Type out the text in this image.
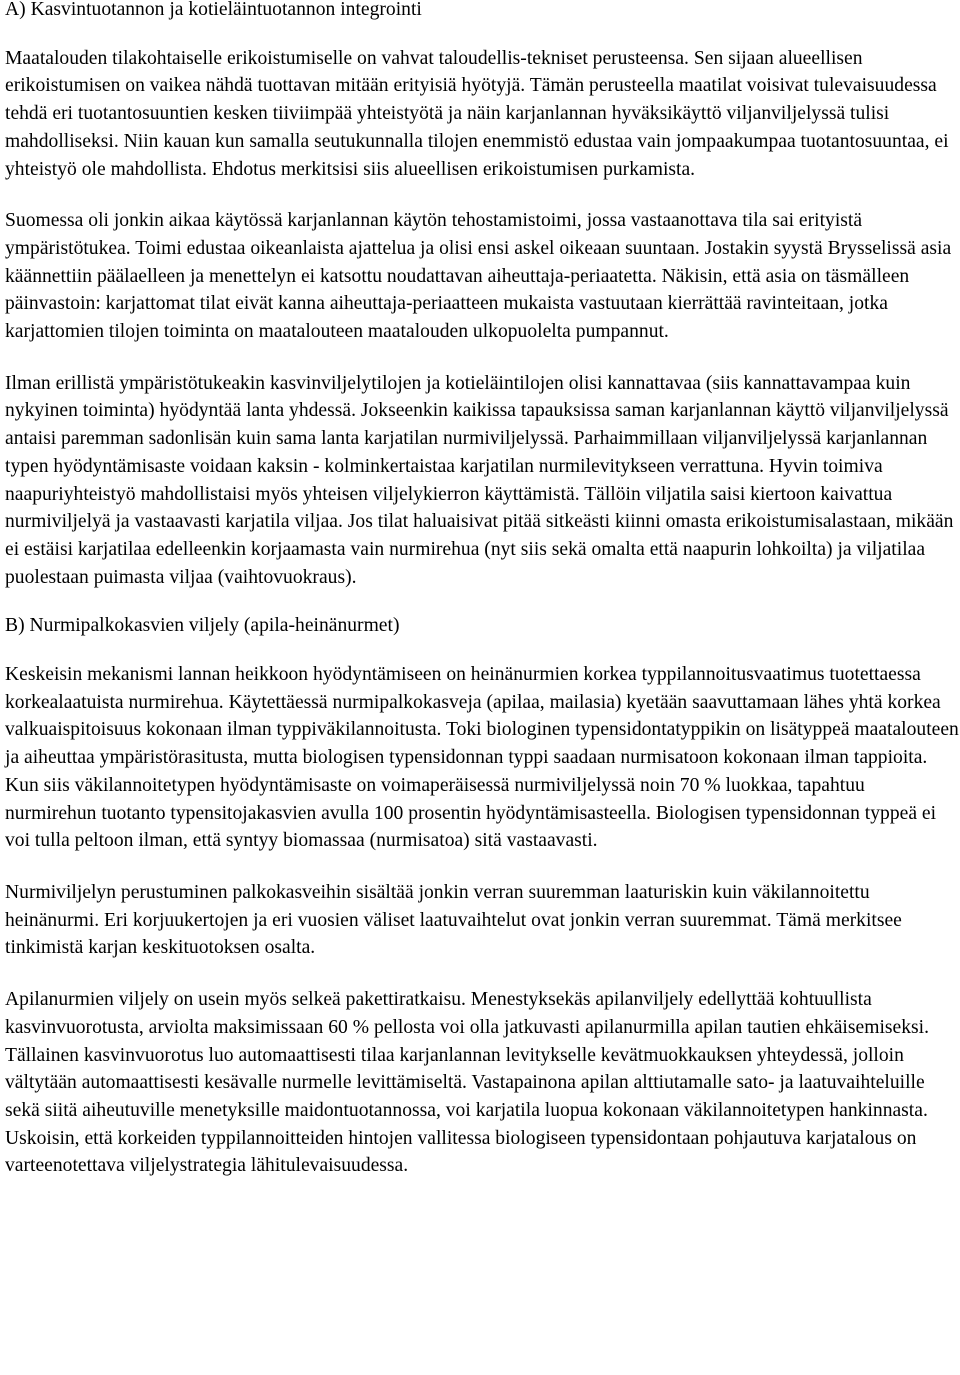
A) Kasvintuotannon ja kotieläintuotannon integrointi

Maatalouden tilakohtaiselle erikoistumiselle on vahvat taloudellis-tekniset perusteensa. Sen sijaan alueellisen erikoistumisen on vaikea nähdä tuottavan mitään erityisiä hyötyjä. Tämän perusteella maatilat voisivat tulevaisuudessa tehdä eri tuotantosuuntien kesken tiiviimpää yhteistyötä ja näin karjanlannan hyväksikäyttö viljanviljelyssä tulisi mahdolliseksi. Niin kauan kun samalla seutukunnalla tilojen enemmistö edustaa vain jompaakumpaa tuotantosuuntaa, ei yhteistyö ole mahdollista. Ehdotus merkitsisi siis alueellisen erikoistumisen purkamista.

Suomessa oli jonkin aikaa käytössä karjanlannan käytön tehostamistoimi, jossa vastaanottava tila sai erityistä ympäristötukea. Toimi edustaa oikeanlaista ajattelua ja olisi ensi askel oikeaan suuntaan. Jostakin syystä Brysselissä asia käännettiin päälaelleen ja menettelyn ei katsottu noudattavan aiheuttaja-periaatetta. Näkisin, että asia on täsmälleen päinvastoin: karjattomat tilat eivät kanna aiheuttaja-periaatteen mukaista vastuutaan kierrättää ravinteitaan, jotka karjattomien tilojen toiminta on maatalouteen maatalouden ulkopuolelta pumpannut.

Ilman erillistä ympäristötukeakin kasvinviljelytilojen ja kotieläintilojen olisi kannattavaa (siis kannattavampaa kuin nykyinen toiminta) hyödyntää lanta yhdessä. Jokseenkin kaikissa tapauksissa saman karjanlannan käyttö viljanviljelyssä antaisi paremman sadonlisän kuin sama lanta karjatilan nurmiviljelyssä. Parhaimmillaan viljanviljelyssä karjanlannan typen hyödyntämisaste voidaan kaksin - kolminkertaistaa karjatilan nurmilevitykseen verrattuna. Hyvin toimiva naapuriyhteistyö mahdollistaisi myös yhteisen viljelykierron käyttämistä. Tällöin viljatila saisi kiertoon kaivattua nurmiviljelyä ja vastaavasti karjatila viljaa. Jos tilat haluaisivat pitää sitkeästi kiinni omasta erikoistumisalastaan, mikään ei estäisi karjatilaa edelleenkin korjaamasta vain nurmirehua (nyt siis sekä omalta että naapurin lohkoilta) ja viljatilaa puolestaan puimasta viljaa (vaihtovuokraus).

B) Nurmipalkokasvien viljely (apila-heinänurmet)

Keskeisin mekanismi lannan heikkoon hyödyntämiseen on heinänurmien korkea typpilannoitusvaatimus tuotettaessa korkealaatuista nurmirehua. Käytettäessä nurmipalkokasveja (apilaa, mailasia) kyetään saavuttamaan lähes yhtä korkea valkuaispitoisuus kokonaan ilman typpiväkilannoitusta. Toki biologinen typensidontatyppikin on lisätyppeä maatalouteen ja aiheuttaa ympäristörasitusta, mutta biologisen typensidonnan typpi saadaan nurmisatoon kokonaan ilman tappioita. Kun siis väkilannoitetypen hyödyntämisaste on voimaperäisessä nurmiviljelyssä noin 70 % luokkaa, tapahtuu nurmirehun tuotanto typensitojakasvien avulla 100 prosentin hyödyntämisasteella. Biologisen typensidonnan typpeä ei voi tulla peltoon ilman, että syntyy biomassaa (nurmisatoa) sitä vastaavasti.

Nurmiviljelyn perustuminen palkokasveihin sisältää jonkin verran suuremman laaturiskin kuin väkilannoitettu heinänurmi. Eri korjuukertojen ja eri vuosien väliset laatuvaihtelut ovat jonkin verran suuremmat. Tämä merkitsee tinkimistä karjan keskituotoksen osalta.

Apilanurmien viljely on usein myös selkeä pakettiratkaisu. Menestyksekäs apilanviljely edellyttää kohtuullista kasvinvuorotusta, arviolta maksimissaan 60 % pellosta voi olla jatkuvasti apilanurmilla apilan tautien ehkäisemiseksi. Tällainen kasvinvuorotus luo automaattisesti tilaa karjanlannan levitykselle kevätmuokkauksen yhteydessä, jolloin vältytään automaattisesti kesävalle nurmelle levittämiseltä. Vastapainona apilan alttiutamalle sato- ja laatuvaihteluille sekä siitä aiheutuville menetyksille maidontuotannossa, voi karjatila luopua kokonaan väkilannoitetypen hankinnasta. Uskoisin, että korkeiden typpilannoitteiden hintojen vallitessa biologiseen typensidontaan pohjautuva karjatalous on varteenotettava viljelystrategia lähitulevaisuudessa.
